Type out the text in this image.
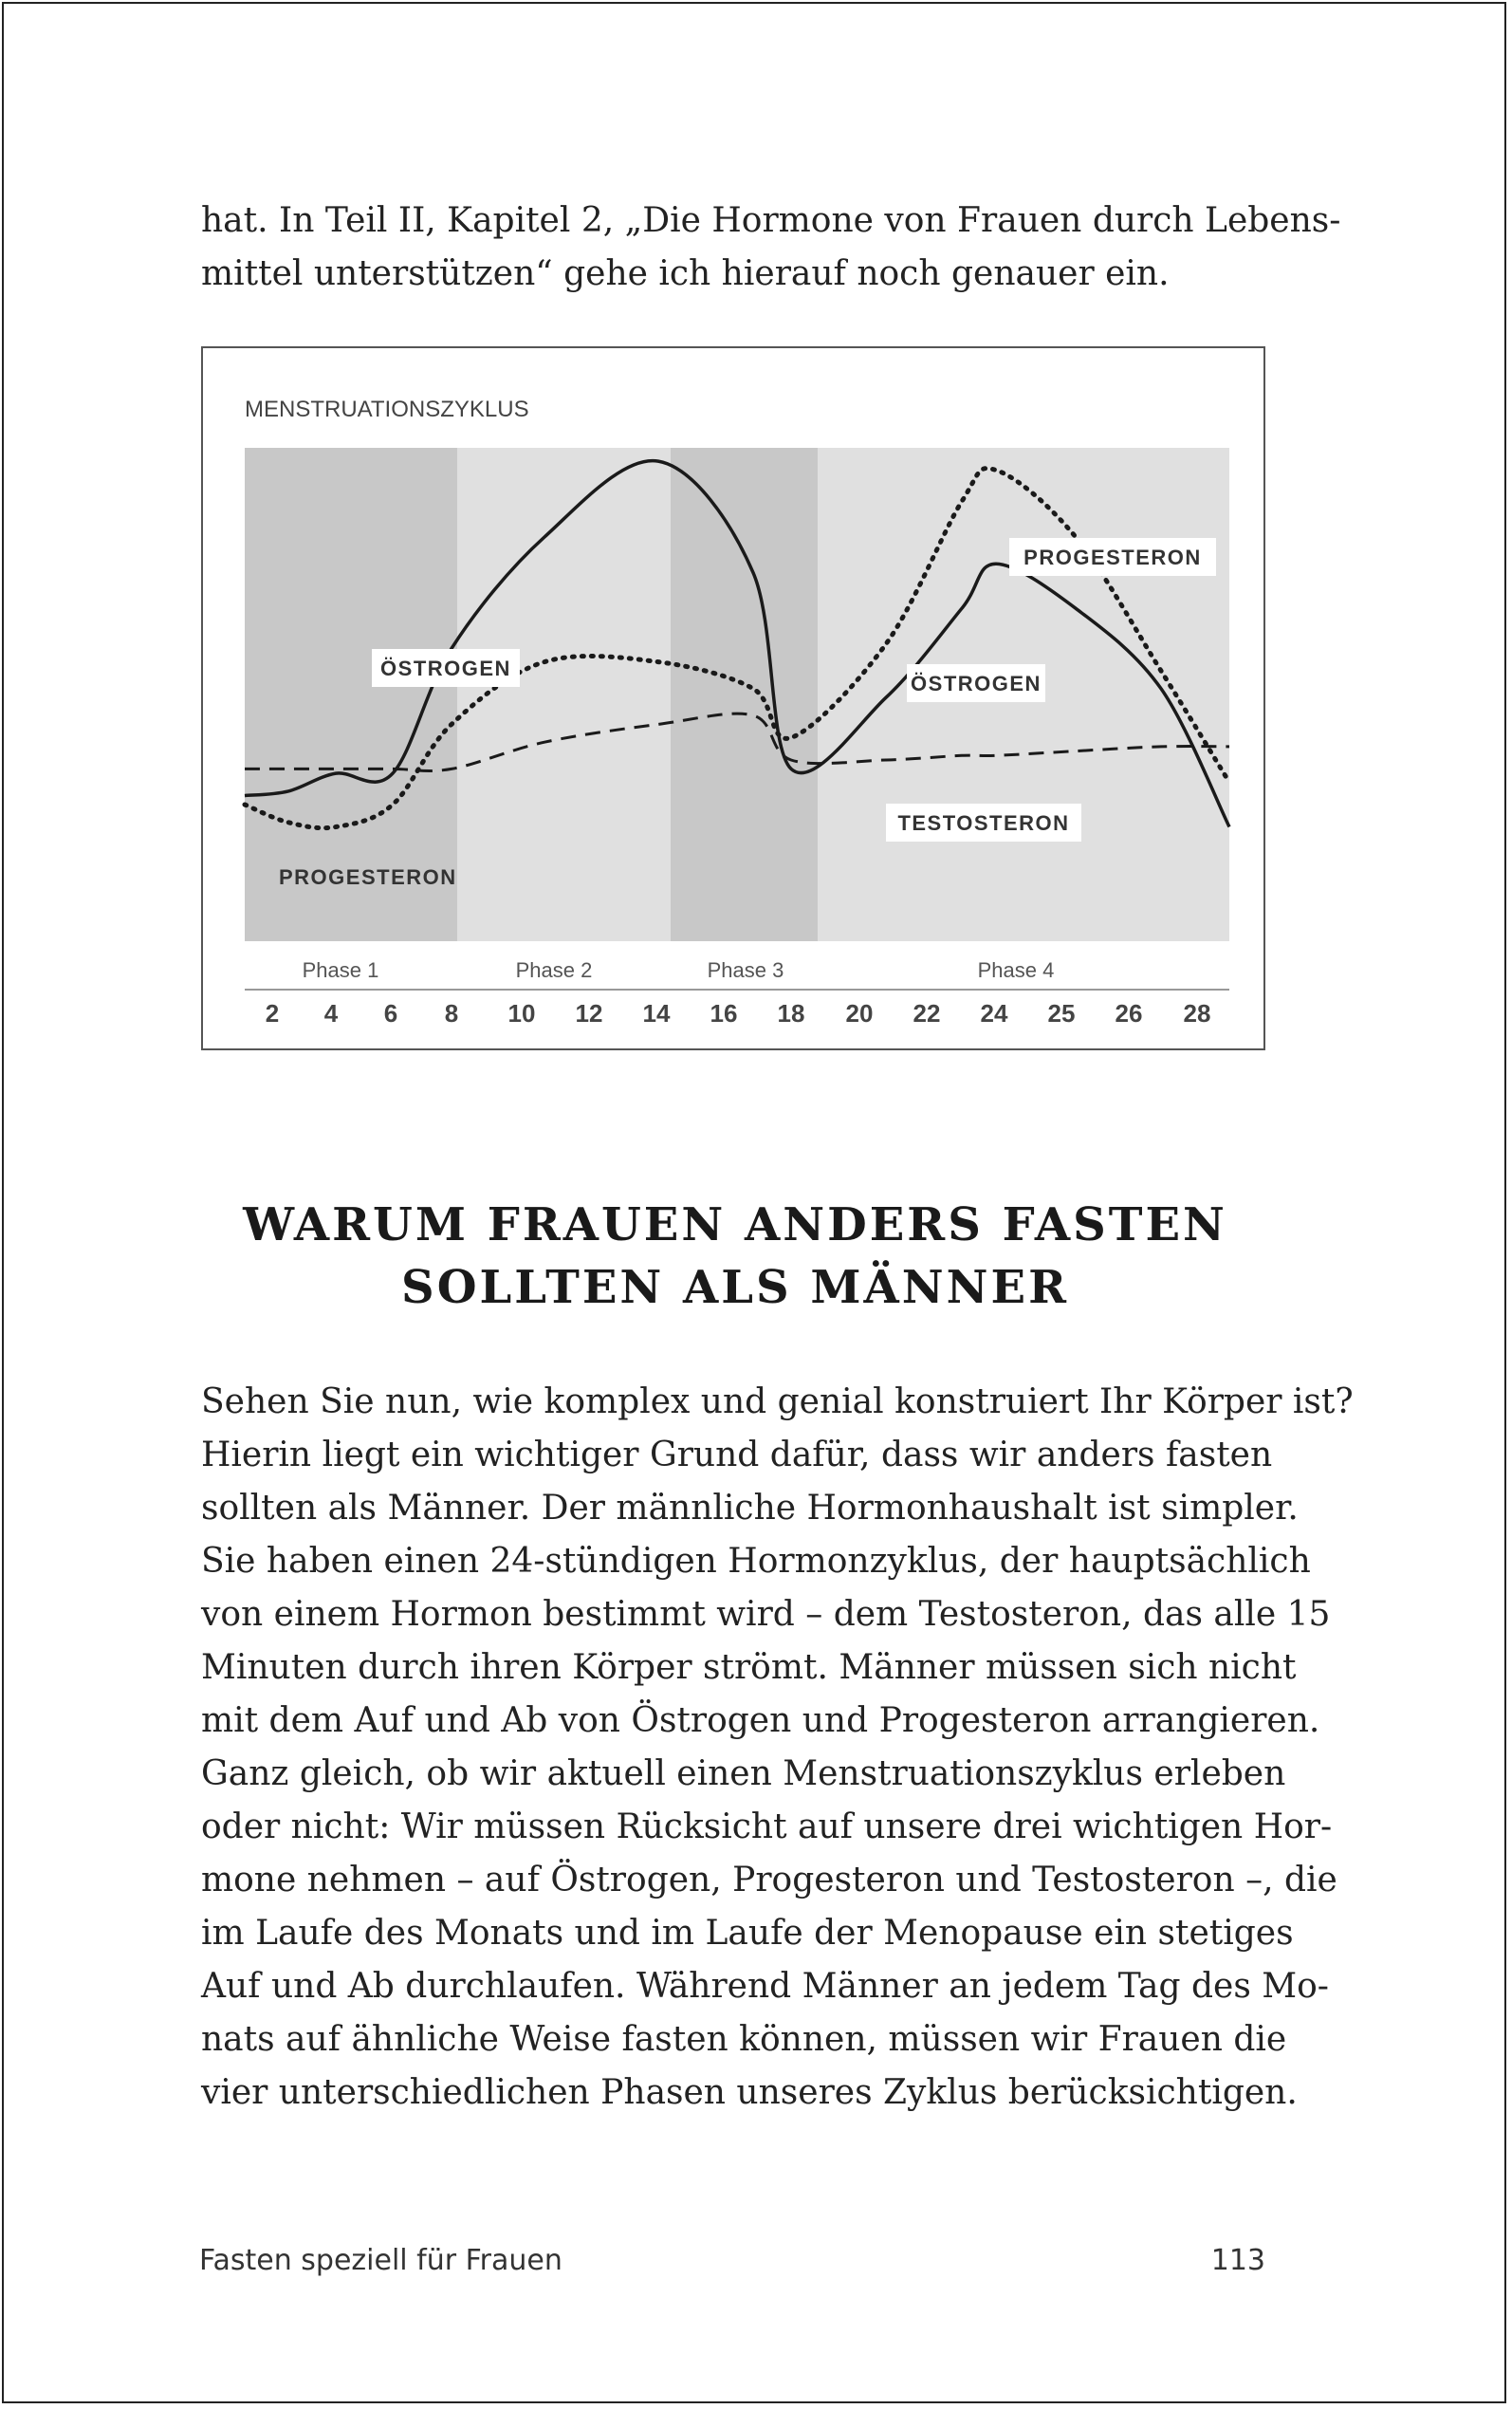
hat. In Teil II, Kapitel 2, „Die Hormone von Frauen durch Lebens-
mittel unterstützen“ gehe ich hierauf noch genauer ein.
MENSTRUATIONSZYKLUS
ÖSTROGEN
PROGESTERON
PROGESTERON
ÖSTROGEN
TESTOSTERON
Phase 1	Phase 2	Phase 3	Phase 4
2 4 6 8 10 12 14 16 18 20 22 24 25 26 28
WARUM FRAUEN ANDERS FASTEN
SOLLTEN ALS MÄNNER
Sehen Sie nun, wie komplex und genial konstruiert Ihr Körper ist?
Hierin liegt ein wichtiger Grund dafür, dass wir anders fasten
sollten als Männer. Der männliche Hormonhaushalt ist simpler.
Sie haben einen 24-stündigen Hormonzyklus, der hauptsächlich
von einem Hormon bestimmt wird – dem Testosteron, das alle 15
Minuten durch ihren Körper strömt. Männer müssen sich nicht
mit dem Auf und Ab von Östrogen und Progesteron arrangieren.
Ganz gleich, ob wir aktuell einen Menstruationszyklus erleben
oder nicht: Wir müssen Rücksicht auf unsere drei wichtigen Hor-
mone nehmen – auf Östrogen, Progesteron und Testosteron –, die
im Laufe des Monats und im Laufe der Menopause ein stetiges
Auf und Ab durchlaufen. Während Männer an jedem Tag des Mo-
nats auf ähnliche Weise fasten können, müssen wir Frauen die
vier unterschiedlichen Phasen unseres Zyklus berücksichtigen.
Fasten speziell für Frauen	113
